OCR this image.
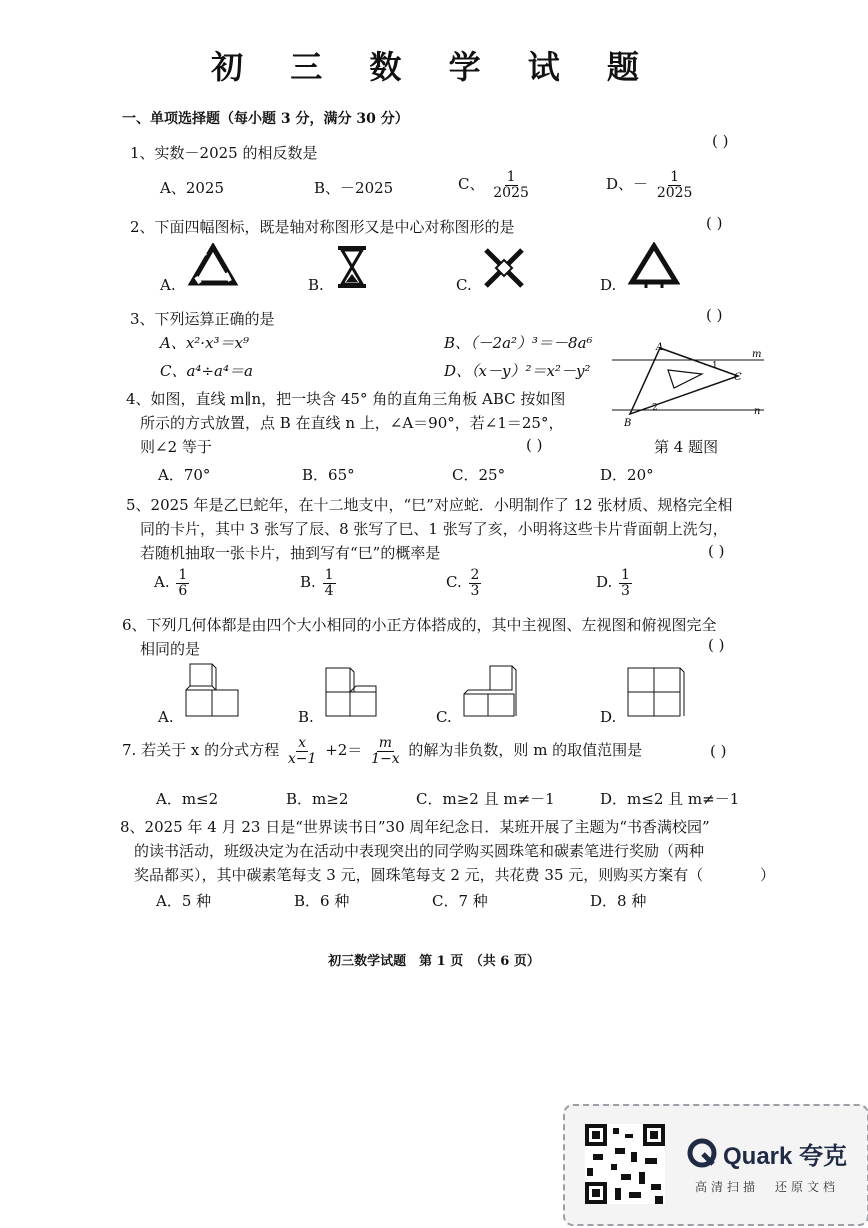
初 三 数 学 试 题
一、单项选择题（每小题 3 分，满分 30 分）
( )
1、实数－2025 的相反数是
A、2025	B、－2025	C、 $\frac{1}{2025}$	D、－ $\frac{1}{2025}$
( )
2、下面四幅图标，既是轴对称图形又是中心对称图形的是
A.	B.	C.	D.
( )
3、下列运算正确的是
A、x²·x³＝x⁹	B、（－2a²）³＝－8a⁶
C、a⁴÷a⁴＝a	D、（x－y）²＝x²－y²
4、如图，直线 m∥n，把一块含 45° 角的直角三角板 ABC 按如图
所示的方式放置，点 B 在直线 n 上，∠A＝90°，若∠1＝25°，
则∠2 等于	( )
A
m
1
C
B
2	n
第 4 题图
A．70°	B．65°	C．25°	D．20°
5、2025 年是乙巳蛇年，在十二地支中，“巳”对应蛇．小明制作了 12 张材质、规格完全相
同的卡片，其中 3 张写了辰、8 张写了巳、1 张写了亥，小明将这些卡片背面朝上洗匀，
若随机抽取一张卡片，抽到写有“巳”的概率是	( )
A. $\frac{1}{6}$	B. $\frac{1}{4}$	C. $\frac{2}{3}$	D. $\frac{1}{3}$
6、下列几何体都是由四个大小相同的小正方体搭成的，其中主视图、左视图和俯视图完全
相同的是	( )
A.	B.	C.	D.
7. 若关于 x 的分式方程 $\frac{x}{x-1} +2= \frac{m}{1-x}$ 的解为非负数，则 m 的取值范围是	( )
A．m≤2	B．m≥2	C．m≥2 且 m≠－1	D．m≤2 且 m≠－1
8、2025 年 4 月 23 日是“世界读书日”30 周年纪念日．某班开展了主题为“书香满校园”
的读书活动，班级决定为在活动中表现突出的同学购买圆珠笔和碳素笔进行奖励（两种
奖品都买），其中碳素笔每支 3 元，圆珠笔每支 2 元，共花费 35 元，则购买方案有（	）
A．5 种	B．6 种	C．7 种	D．8 种
初三数学试题　第 1 页　（共 6 页）
Quark 夸克
高清扫描　还原文档
